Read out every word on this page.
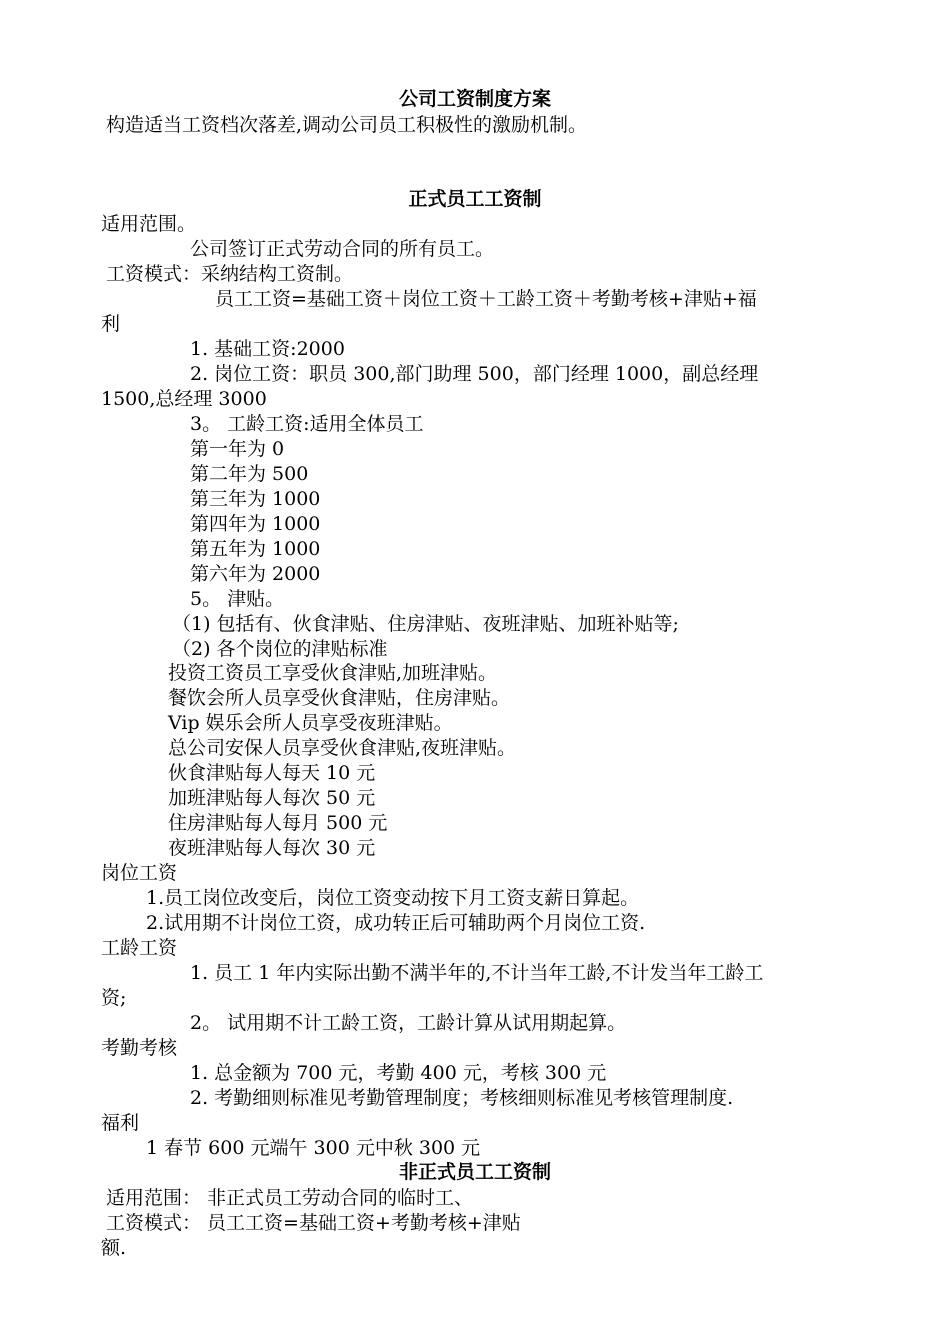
公司工资制度方案
构造适当工资档次落差,调动公司员工积极性的激励机制。
正式员工工资制
适用范围。
公司签订正式劳动合同的所有员工。
工资模式：采纳结构工资制。
员工工资=基础工资＋岗位工资＋工龄工资＋考勤考核+津贴+福
利
1. 基础工资:2000
2. 岗位工资：职员 300,部门助理 500，部门经理 1000，副总经理
1500,总经理 3000
3。 工龄工资:适用全体员工
第一年为 0
第二年为 500
第三年为 1000
第四年为 1000
第五年为 1000
第六年为 2000
5。 津贴。
（1) 包括有、伙食津贴、住房津贴、夜班津贴、加班补贴等;
（2) 各个岗位的津贴标准
投资工资员工享受伙食津贴,加班津贴。
餐饮会所人员享受伙食津贴，住房津贴。
Vip 娱乐会所人员享受夜班津贴。
总公司安保人员享受伙食津贴,夜班津贴。
伙食津贴每人每天 10 元
加班津贴每人每次 50 元
住房津贴每人每月 500 元
夜班津贴每人每次 30 元
岗位工资
1.员工岗位改变后，岗位工资变动按下月工资支薪日算起。
2.试用期不计岗位工资，成功转正后可辅助两个月岗位工资.
工龄工资
1. 员工 1 年内实际出勤不满半年的,不计当年工龄,不计发当年工龄工
资;
2。 试用期不计工龄工资，工龄计算从试用期起算。
考勤考核
1. 总金额为 700 元，考勤 400 元，考核 300 元
2. 考勤细则标准见考勤管理制度；考核细则标准见考核管理制度.
福利
1 春节 600 元端午 300 元中秋 300 元
非正式员工工资制
适用范围： 非正式员工劳动合同的临时工、
工资模式： 员工工资=基础工资+考勤考核+津贴
额.
